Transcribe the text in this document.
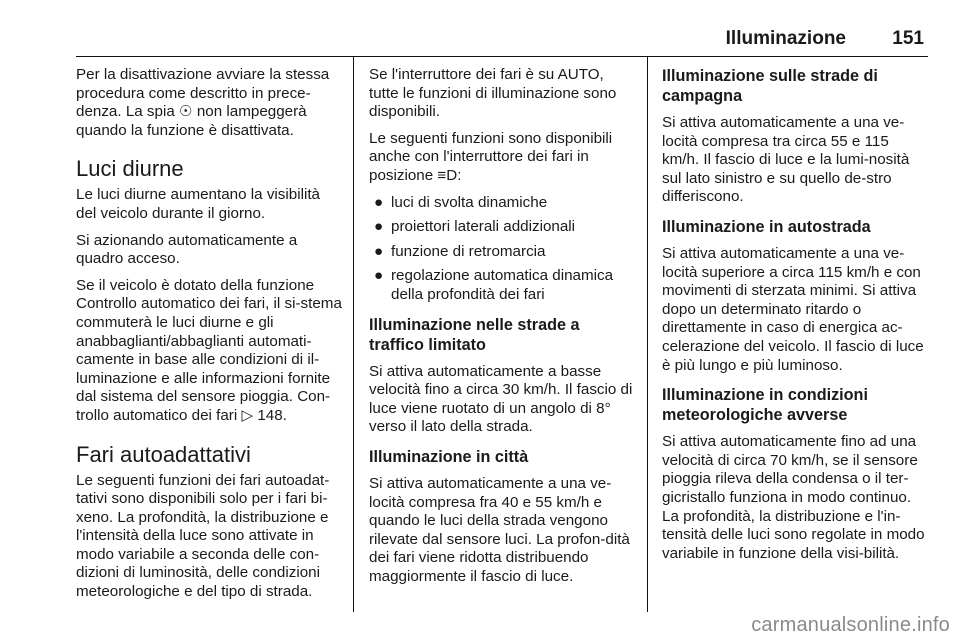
Illuminazione 151

Per la disattivazione avviare la stessa procedura come descritto in prece-denza. La spia ☉ non lampeggerà quando la funzione è disattivata.

Luci diurne

Le luci diurne aumentano la visibilità del veicolo durante il giorno.

Si azionando automaticamente a quadro acceso.

Se il veicolo è dotato della funzione Controllo automatico dei fari, il si-stema commuterà le luci diurne e gli anabbaglianti/abbaglianti automati-camente in base alle condizioni di il-luminazione e alle informazioni fornite dal sistema del sensore pioggia. Con-trollo automatico dei fari ▷ 148.

Fari autoadattativi

Le seguenti funzioni dei fari autoadat-tativi sono disponibili solo per i fari bi-xeno. La profondità, la distribuzione e l'intensità della luce sono attivate in modo variabile a seconda delle con-dizioni di luminosità, delle condizioni meteorologiche e del tipo di strada.

Se l'interruttore dei fari è su AUTO, tutte le funzioni di illuminazione sono disponibili.

Le seguenti funzioni sono disponibili anche con l'interruttore dei fari in posizione ≡D:

● luci di svolta dinamiche
● proiettori laterali addizionali
● funzione di retromarcia
● regolazione automatica dinamica della profondità dei fari
Illuminazione nelle strade a traffico limitato

Si attiva automaticamente a basse velocità fino a circa 30 km/h. Il fascio di luce viene ruotato di un angolo di 8° verso il lato della strada.

Illuminazione in città

Si attiva automaticamente a una ve-locità compresa fra 40 e 55 km/h e quando le luci della strada vengono rilevate dal sensore luci. La profon-dità dei fari viene ridotta distribuendo maggiormente il fascio di luce.

Illuminazione sulle strade di campagna

Si attiva automaticamente a una ve-locità compresa tra circa 55 e 115 km/h. Il fascio di luce e la lumi-nosità sul lato sinistro e su quello de-stro differiscono.

Illuminazione in autostrada

Si attiva automaticamente a una ve-locità superiore a circa 115 km/h e con movimenti di sterzata minimi. Si attiva dopo un determinato ritardo o direttamente in caso di energica ac-celerazione del veicolo. Il fascio di luce è più lungo e più luminoso.

Illuminazione in condizioni meteorologiche avverse

Si attiva automaticamente fino ad una velocità di circa 70 km/h, se il sensore pioggia rileva della condensa o il ter-gicristallo funziona in modo continuo. La profondità, la distribuzione e l'in-tensità delle luci sono regolate in modo variabile in funzione della visi-bilità.

carmanualsonline.info
